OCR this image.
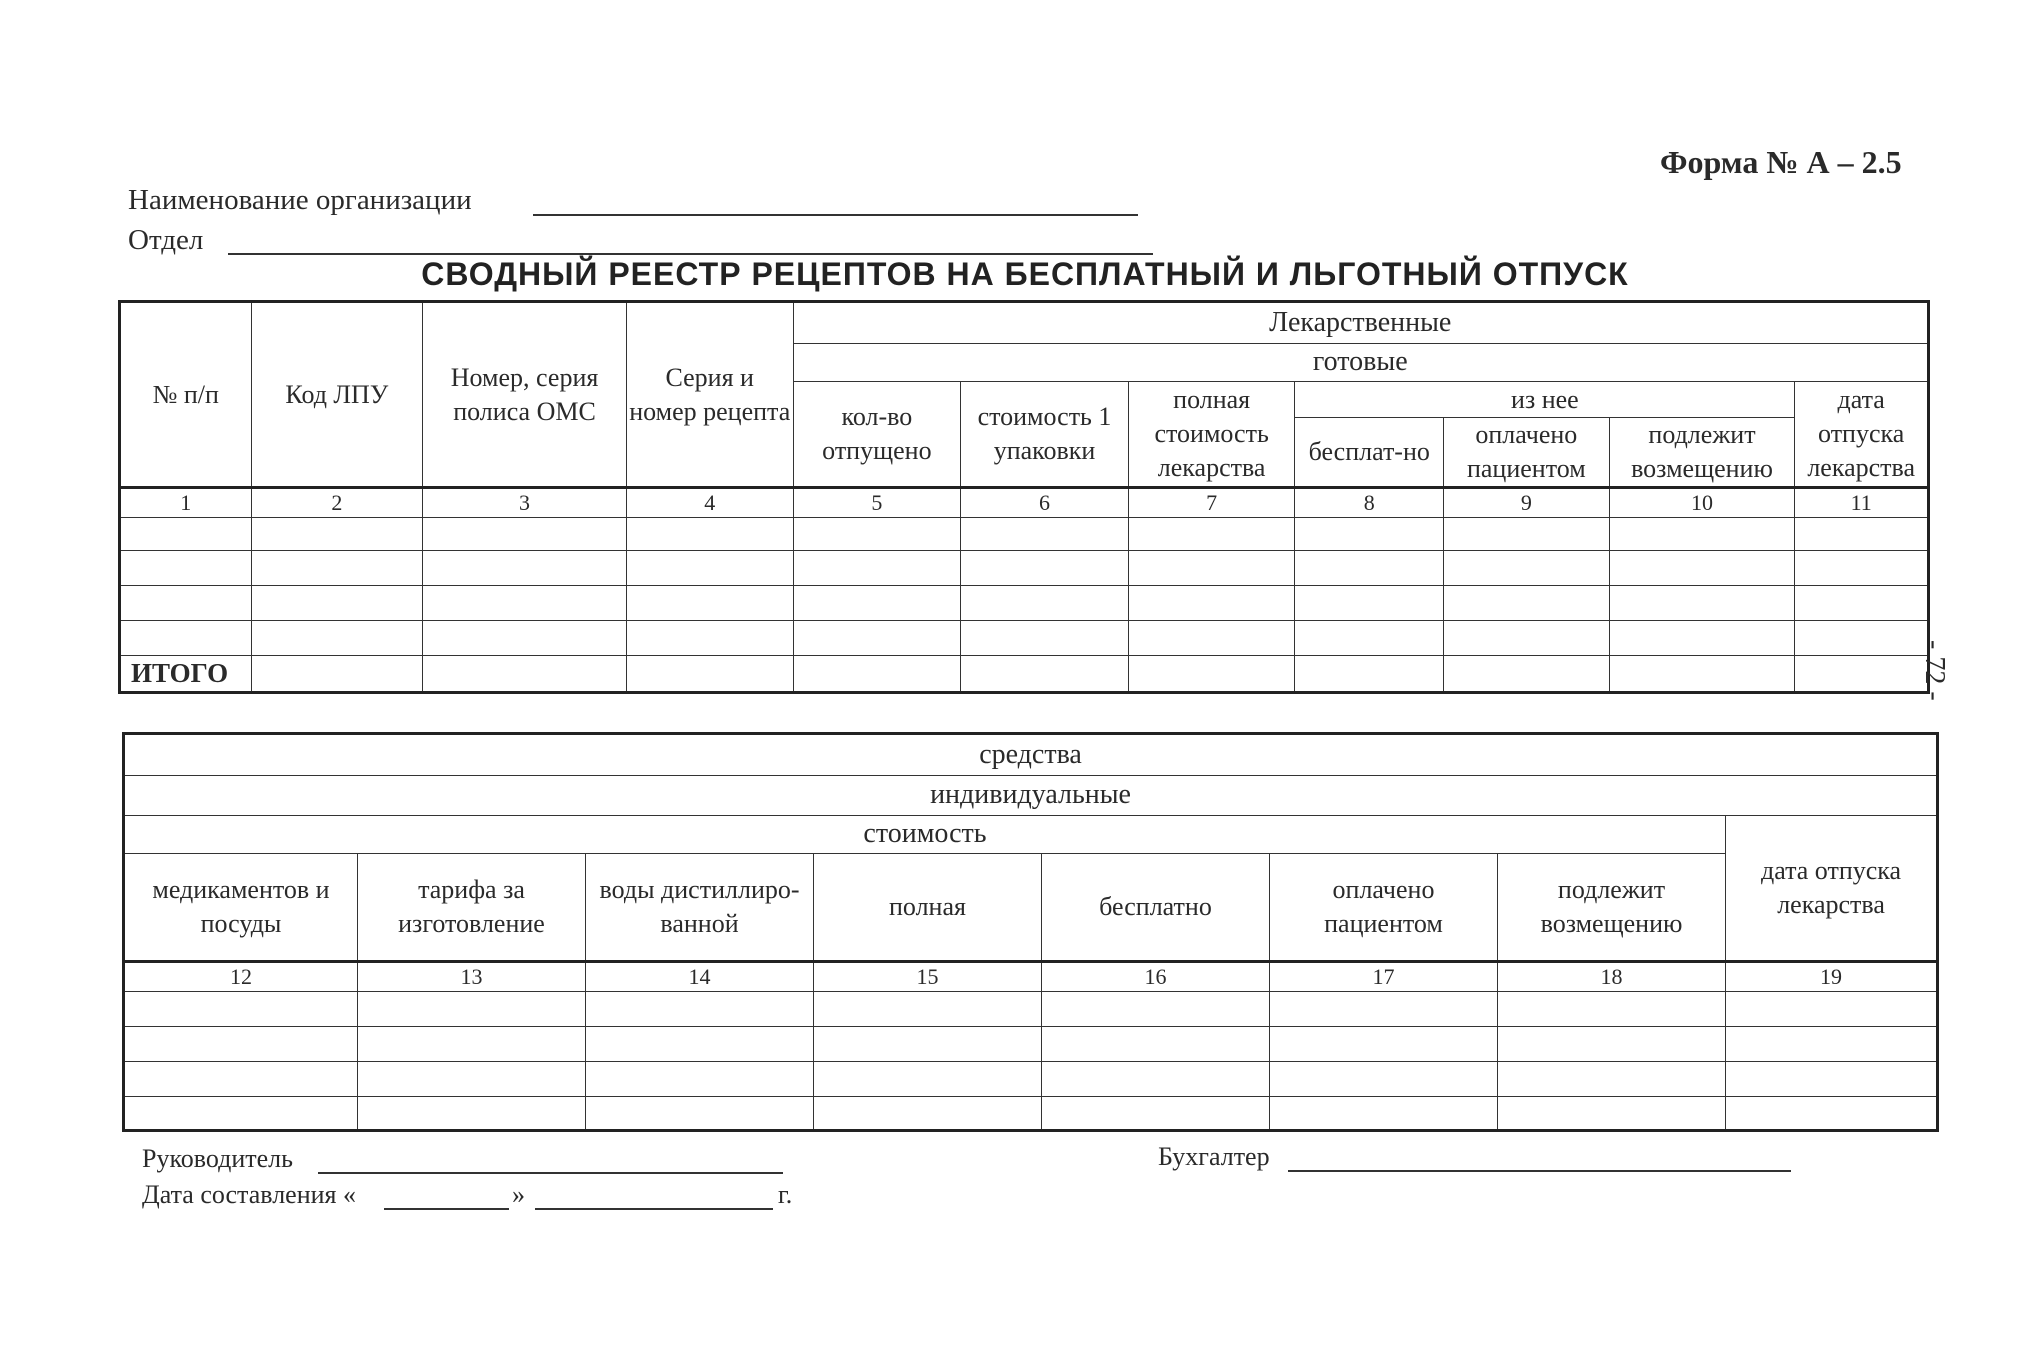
Форма № А – 2.5
Наименование организации
Отдел
СВОДНЫЙ РЕЕСТР РЕЦЕПТОВ НА БЕСПЛАТНЫЙ И ЛЬГОТНЫЙ ОТПУСК
№ п/п	Код ЛПУ	Номер, серия полиса ОМС	Серия и номер рецепта	Лекарственные						
				готовые						
				кол-во отпущено	стоимость 1 упаковки	полная стоимость лекарства	из нее			дата отпуска лекарства
							бесплат-но	оплачено пациентом	подлежит возмещению	
1	2	3	4	5	6	7	8	9	10	11

ИТОГО										
средства							
индивидуальные							
стоимость							дата отпуска лекарства
медикаментов и посуды	тарифа за изготовление	воды дистиллиро-ванной	полная	бесплатно	оплачено пациентом	подлежит возмещению	
12	13	14	15	16	17	18	19

Руководитель	Бухгалтер
Дата составления «	»	г.
- 72 -
